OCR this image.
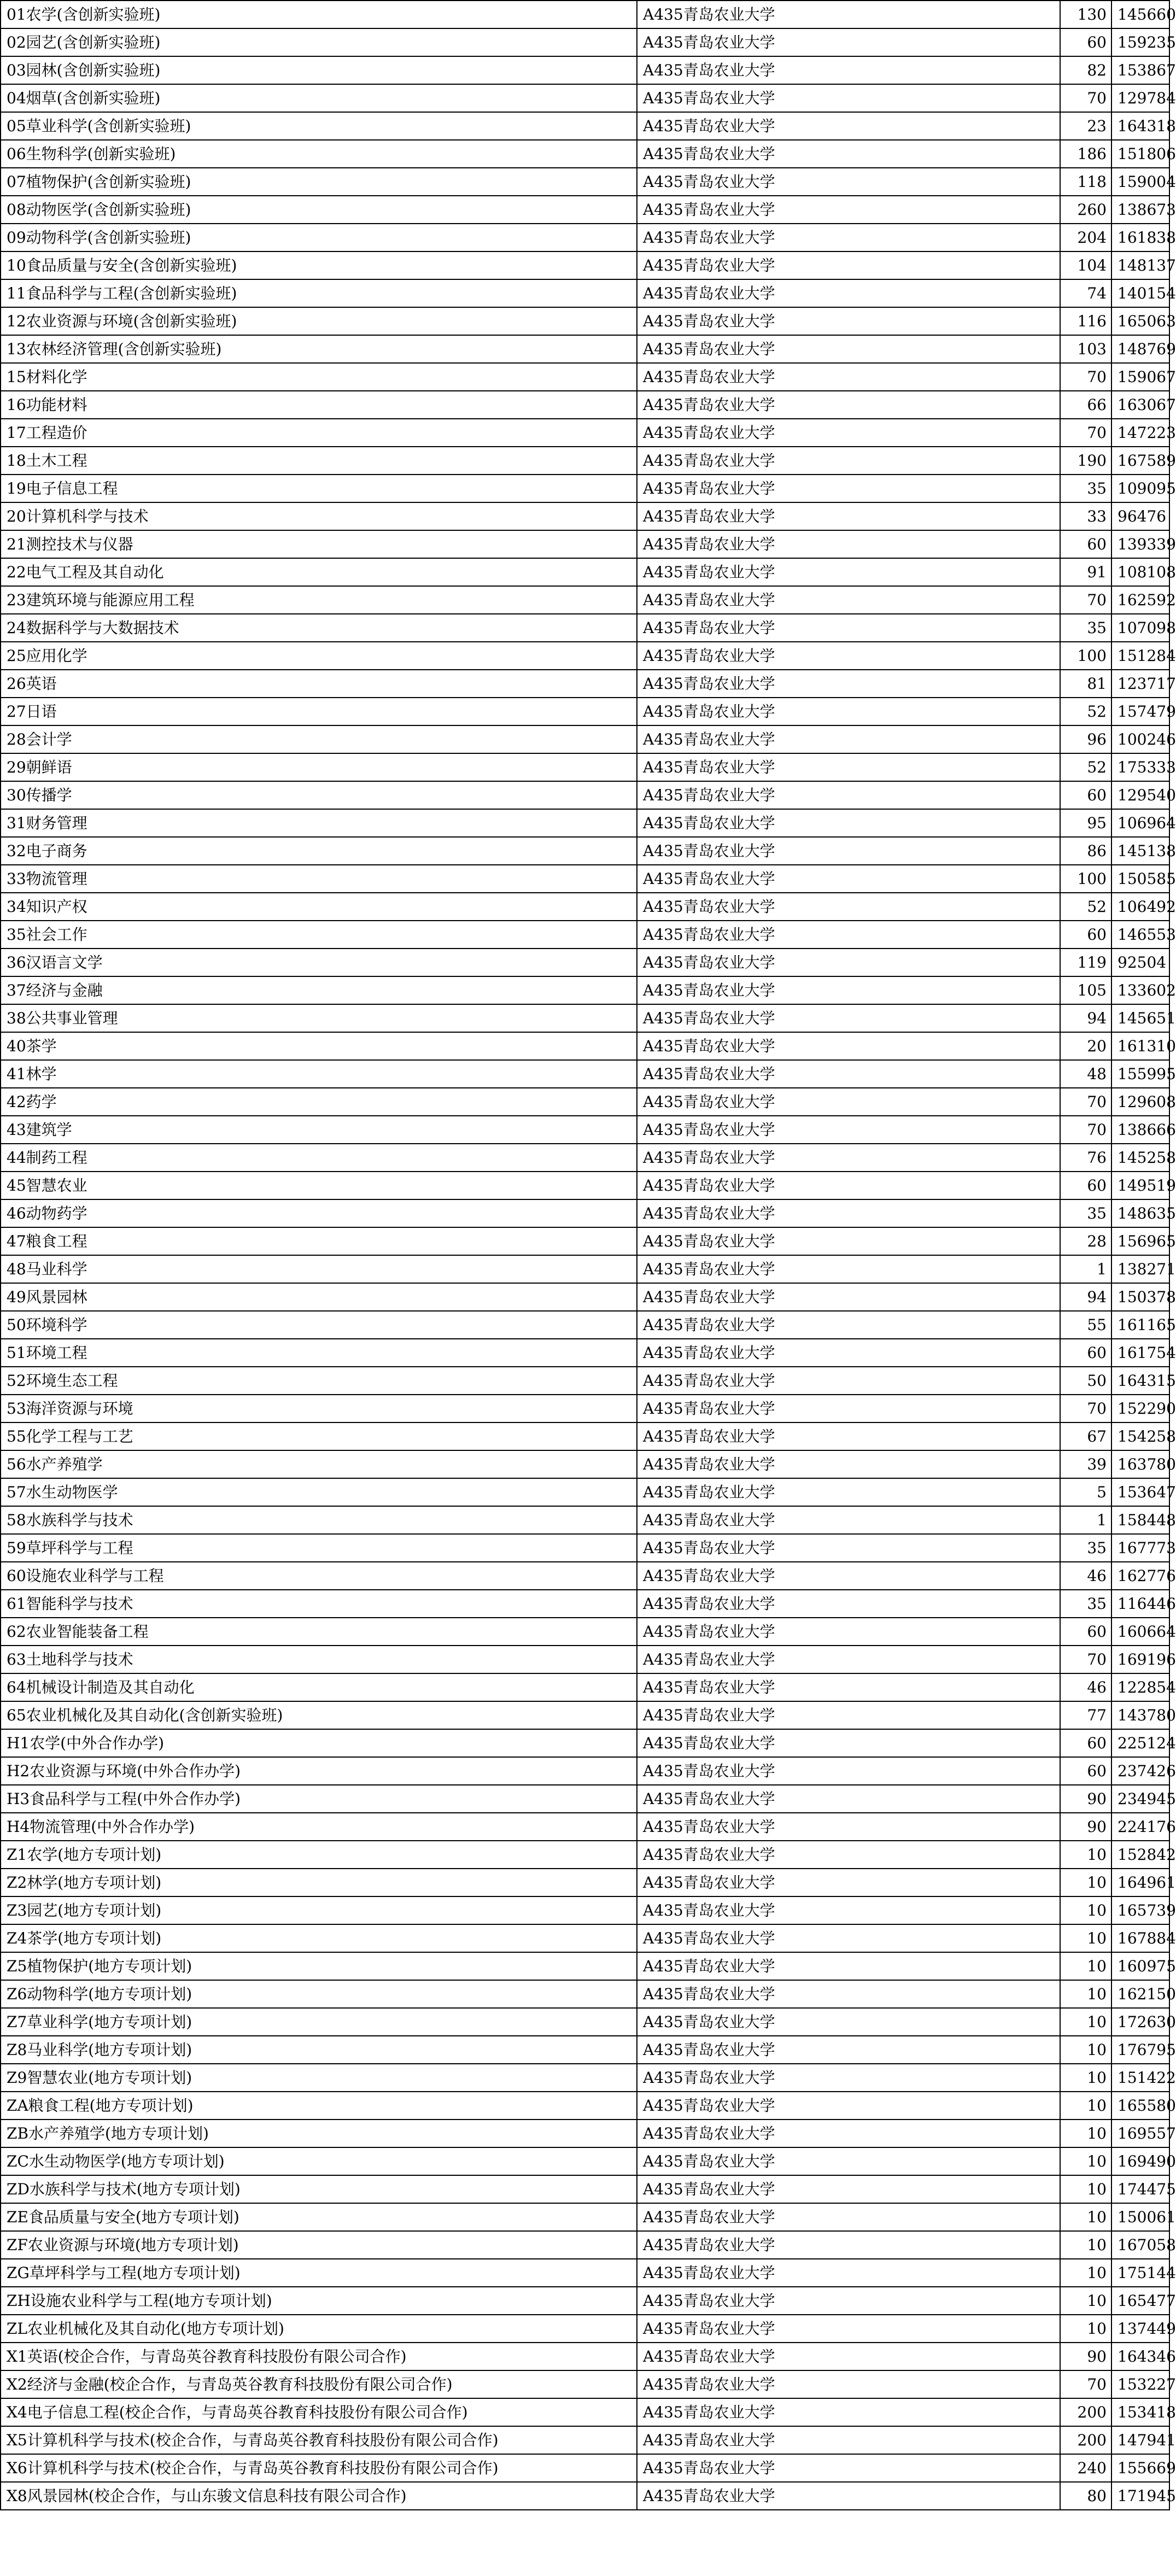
01农学(含创新实验班)	A435青岛农业大学	130	145660
02园艺(含创新实验班)	A435青岛农业大学	60	159235
03园林(含创新实验班)	A435青岛农业大学	82	153867
04烟草(含创新实验班)	A435青岛农业大学	70	129784
05草业科学(含创新实验班)	A435青岛农业大学	23	164318
06生物科学(创新实验班)	A435青岛农业大学	186	151806
07植物保护(含创新实验班)	A435青岛农业大学	118	159004
08动物医学(含创新实验班)	A435青岛农业大学	260	138673
09动物科学(含创新实验班)	A435青岛农业大学	204	161838
10食品质量与安全(含创新实验班)	A435青岛农业大学	104	148137
11食品科学与工程(含创新实验班)	A435青岛农业大学	74	140154
12农业资源与环境(含创新实验班)	A435青岛农业大学	116	165063
13农林经济管理(含创新实验班)	A435青岛农业大学	103	148769
15材料化学	A435青岛农业大学	70	159067
16功能材料	A435青岛农业大学	66	163067
17工程造价	A435青岛农业大学	70	147223
18土木工程	A435青岛农业大学	190	167589
19电子信息工程	A435青岛农业大学	35	109095
20计算机科学与技术	A435青岛农业大学	33	96476
21测控技术与仪器	A435青岛农业大学	60	139339
22电气工程及其自动化	A435青岛农业大学	91	108108
23建筑环境与能源应用工程	A435青岛农业大学	70	162592
24数据科学与大数据技术	A435青岛农业大学	35	107098
25应用化学	A435青岛农业大学	100	151284
26英语	A435青岛农业大学	81	123717
27日语	A435青岛农业大学	52	157479
28会计学	A435青岛农业大学	96	100246
29朝鲜语	A435青岛农业大学	52	175333
30传播学	A435青岛农业大学	60	129540
31财务管理	A435青岛农业大学	95	106964
32电子商务	A435青岛农业大学	86	145138
33物流管理	A435青岛农业大学	100	150585
34知识产权	A435青岛农业大学	52	106492
35社会工作	A435青岛农业大学	60	146553
36汉语言文学	A435青岛农业大学	119	92504
37经济与金融	A435青岛农业大学	105	133602
38公共事业管理	A435青岛农业大学	94	145651
40茶学	A435青岛农业大学	20	161310
41林学	A435青岛农业大学	48	155995
42药学	A435青岛农业大学	70	129608
43建筑学	A435青岛农业大学	70	138666
44制药工程	A435青岛农业大学	76	145258
45智慧农业	A435青岛农业大学	60	149519
46动物药学	A435青岛农业大学	35	148635
47粮食工程	A435青岛农业大学	28	156965
48马业科学	A435青岛农业大学	1	138271
49风景园林	A435青岛农业大学	94	150378
50环境科学	A435青岛农业大学	55	161165
51环境工程	A435青岛农业大学	60	161754
52环境生态工程	A435青岛农业大学	50	164315
53海洋资源与环境	A435青岛农业大学	70	152290
55化学工程与工艺	A435青岛农业大学	67	154258
56水产养殖学	A435青岛农业大学	39	163780
57水生动物医学	A435青岛农业大学	5	153647
58水族科学与技术	A435青岛农业大学	1	158448
59草坪科学与工程	A435青岛农业大学	35	167773
60设施农业科学与工程	A435青岛农业大学	46	162776
61智能科学与技术	A435青岛农业大学	35	116446
62农业智能装备工程	A435青岛农业大学	60	160664
63土地科学与技术	A435青岛农业大学	70	169196
64机械设计制造及其自动化	A435青岛农业大学	46	122854
65农业机械化及其自动化(含创新实验班)	A435青岛农业大学	77	143780
H1农学(中外合作办学)	A435青岛农业大学	60	225124
H2农业资源与环境(中外合作办学)	A435青岛农业大学	60	237426
H3食品科学与工程(中外合作办学)	A435青岛农业大学	90	234945
H4物流管理(中外合作办学)	A435青岛农业大学	90	224176
Z1农学(地方专项计划)	A435青岛农业大学	10	152842
Z2林学(地方专项计划)	A435青岛农业大学	10	164961
Z3园艺(地方专项计划)	A435青岛农业大学	10	165739
Z4茶学(地方专项计划)	A435青岛农业大学	10	167884
Z5植物保护(地方专项计划)	A435青岛农业大学	10	160975
Z6动物科学(地方专项计划)	A435青岛农业大学	10	162150
Z7草业科学(地方专项计划)	A435青岛农业大学	10	172630
Z8马业科学(地方专项计划)	A435青岛农业大学	10	176795
Z9智慧农业(地方专项计划)	A435青岛农业大学	10	151422
ZA粮食工程(地方专项计划)	A435青岛农业大学	10	165580
ZB水产养殖学(地方专项计划)	A435青岛农业大学	10	169557
ZC水生动物医学(地方专项计划)	A435青岛农业大学	10	169490
ZD水族科学与技术(地方专项计划)	A435青岛农业大学	10	174475
ZE食品质量与安全(地方专项计划)	A435青岛农业大学	10	150061
ZF农业资源与环境(地方专项计划)	A435青岛农业大学	10	167058
ZG草坪科学与工程(地方专项计划)	A435青岛农业大学	10	175144
ZH设施农业科学与工程(地方专项计划)	A435青岛农业大学	10	165477
ZL农业机械化及其自动化(地方专项计划)	A435青岛农业大学	10	137449
X1英语(校企合作，与青岛英谷教育科技股份有限公司合作)	A435青岛农业大学	90	164346
X2经济与金融(校企合作，与青岛英谷教育科技股份有限公司合作)	A435青岛农业大学	70	153227
X4电子信息工程(校企合作，与青岛英谷教育科技股份有限公司合作)	A435青岛农业大学	200	153418
X5计算机科学与技术(校企合作，与青岛英谷教育科技股份有限公司合作)	A435青岛农业大学	200	147941
X6计算机科学与技术(校企合作，与青岛英谷教育科技股份有限公司合作)	A435青岛农业大学	240	155669
X8风景园林(校企合作，与山东骏文信息科技有限公司合作)	A435青岛农业大学	80	171945
